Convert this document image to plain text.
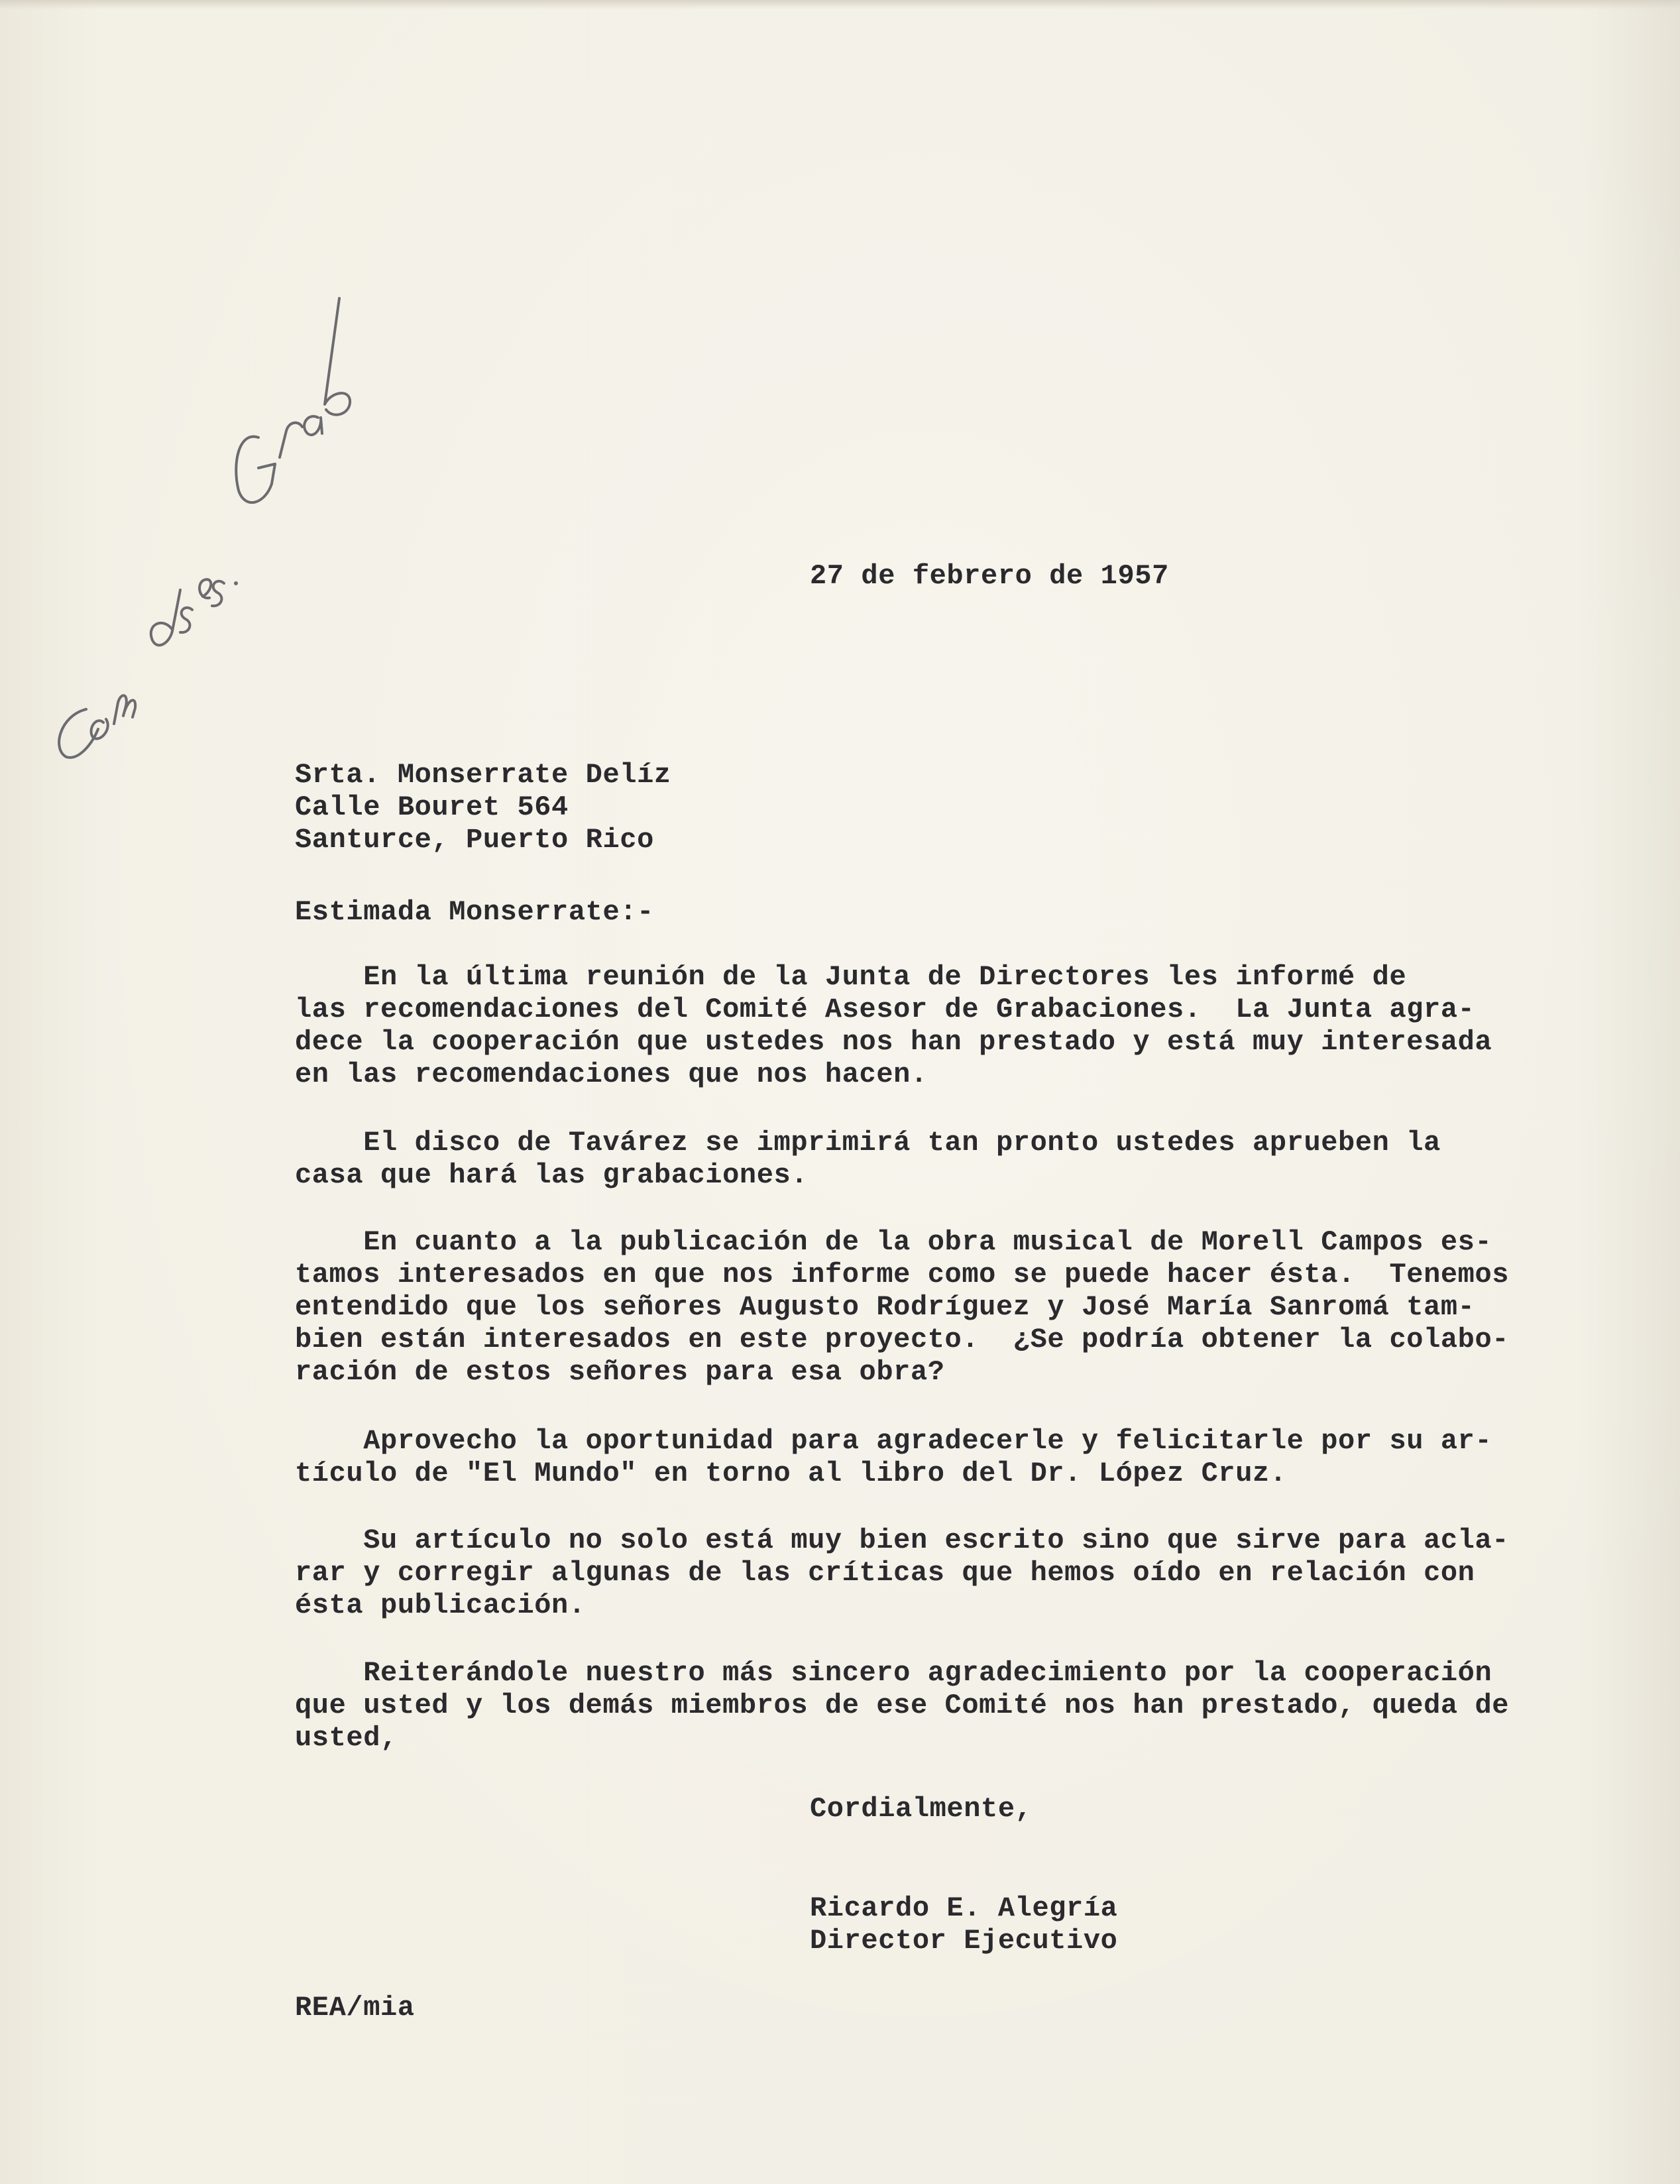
27 de febrero de 1957
Srta. Monserrate Delíz
Calle Bouret 564
Santurce, Puerto Rico
Estimada Monserrate:-
En la última reunión de la Junta de Directores les informé de
las recomendaciones del Comité Asesor de Grabaciones.  La Junta agra-
dece la cooperación que ustedes nos han prestado y está muy interesada
en las recomendaciones que nos hacen.
El disco de Tavárez se imprimirá tan pronto ustedes aprueben la
casa que hará las grabaciones.
En cuanto a la publicación de la obra musical de Morell Campos es-
tamos interesados en que nos informe como se puede hacer ésta.  Tenemos
entendido que los señores Augusto Rodríguez y José María Sanromá tam-
bien están interesados en este proyecto.  ¿Se podría obtener la colabo-
ración de estos señores para esa obra?
Aprovecho la oportunidad para agradecerle y felicitarle por su ar-
tículo de "El Mundo" en torno al libro del Dr. López Cruz.
Su artículo no solo está muy bien escrito sino que sirve para acla-
rar y corregir algunas de las críticas que hemos oído en relación con
ésta publicación.
Reiterándole nuestro más sincero agradecimiento por la cooperación
que usted y los demás miembros de ese Comité nos han prestado, queda de
usted,
Cordialmente,
Ricardo E. Alegría
Director Ejecutivo
REA/mia
